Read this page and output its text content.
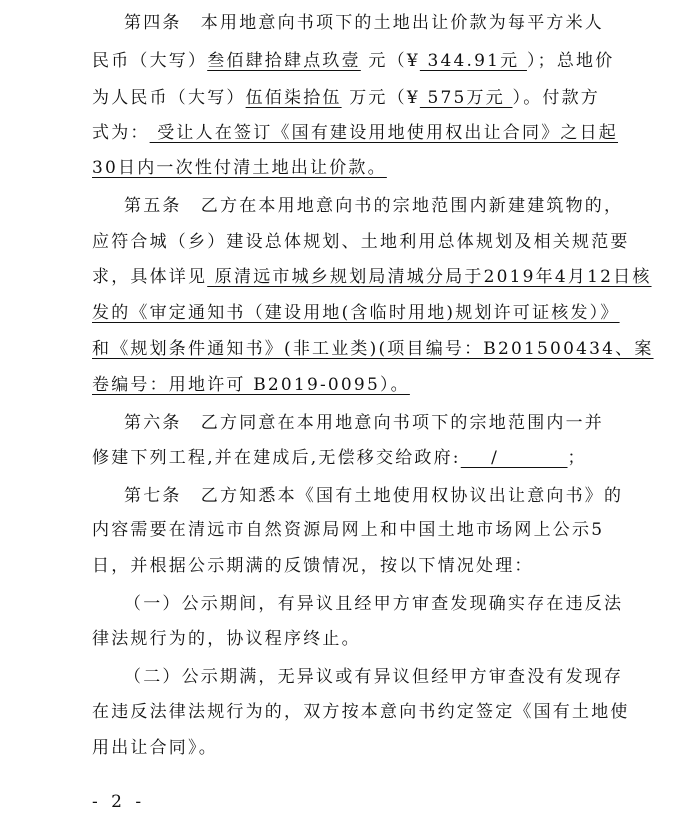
第四条　本用地意向书项下的土地出让价款为每平方米人
民币（大写）叁佰肆拾肆点玖壹 元（¥ 344.91元 ）；总地价
为人民币（大写）伍佰柒拾伍 万元（¥ 575万元 ）。付款方
式为： 受让人在签订《国有建设用地使用权出让合同》之日起
30日内一次性付清土地出让价款。
第五条　乙方在本用地意向书的宗地范围内新建建筑物的，
应符合城（乡）建设总体规划、土地利用总体规划及相关规范要
求，具体详见 原清远市城乡规划局清城分局于2019年4月12日核
发的《审定通知书（建设用地(含临时用地)规划许可证核发）》
和《规划条件通知书》(非工业类)(项目编号：B201500434、案
卷编号：用地许可 B2019-0095）。
第六条　乙方同意在本用地意向书项下的宗地范围内一并
修建下列工程,并在建成后,无偿移交给政府:    /         ；
第七条　乙方知悉本《国有土地使用权协议出让意向书》的
内容需要在清远市自然资源局网上和中国土地市场网上公示5
日，并根据公示期满的反馈情况，按以下情况处理：
（一）公示期间，有异议且经甲方审查发现确实存在违反法
律法规行为的，协议程序终止。
（二）公示期满，无异议或有异议但经甲方审查没有发现存
在违反法律法规行为的，双方按本意向书约定签定《国有土地使
用出让合同》。
- 2 -
